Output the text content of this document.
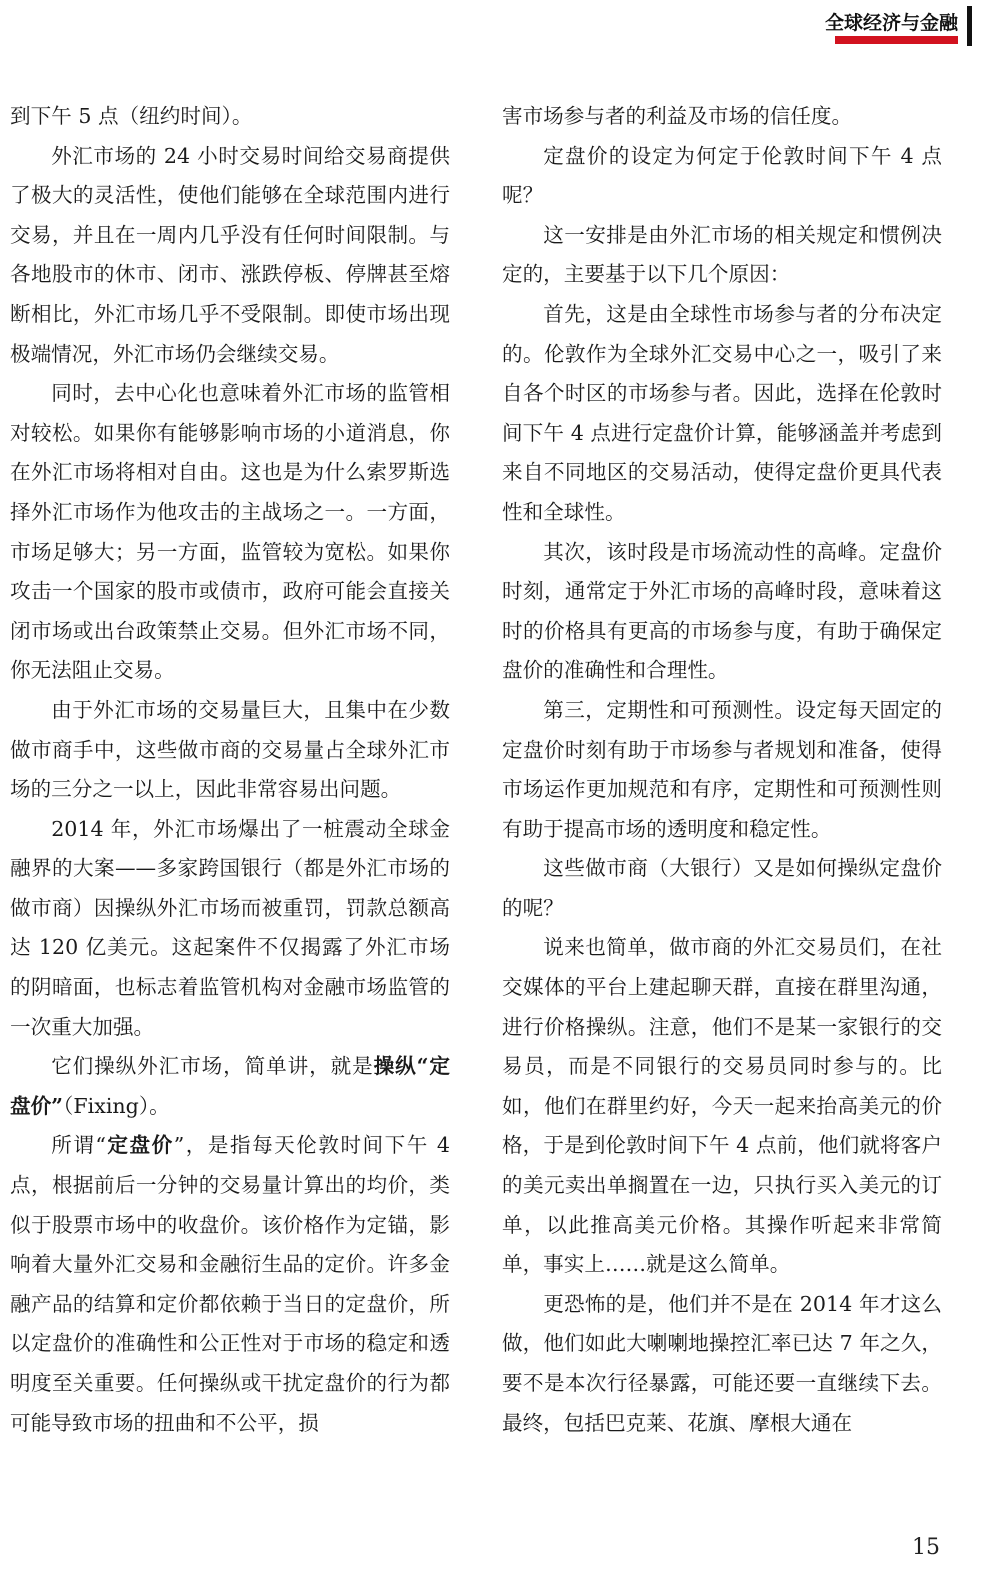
全球经济与金融

到下午 5 点（纽约时间）。

外汇市场的 24 小时交易时间给交易商提供了极大的灵活性，使他们能够在全球范围内进行交易，并且在一周内几乎没有任何时间限制。与各地股市的休市、闭市、涨跌停板、停牌甚至熔断相比，外汇市场几乎不受限制。即使市场出现极端情况，外汇市场仍会继续交易。

同时，去中心化也意味着外汇市场的监管相对较松。如果你有能够影响市场的小道消息，你在外汇市场将相对自由。这也是为什么索罗斯选择外汇市场作为他攻击的主战场之一。一方面，市场足够大；另一方面，监管较为宽松。如果你攻击一个国家的股市或债市，政府可能会直接关闭市场或出台政策禁止交易。但外汇市场不同，你无法阻止交易。

由于外汇市场的交易量巨大，且集中在少数做市商手中，这些做市商的交易量占全球外汇市场的三分之一以上，因此非常容易出问题。

2014 年，外汇市场爆出了一桩震动全球金融界的大案——多家跨国银行（都是外汇市场的做市商）因操纵外汇市场而被重罚，罚款总额高达 120 亿美元。这起案件不仅揭露了外汇市场的阴暗面，也标志着监管机构对金融市场监管的一次重大加强。

它们操纵外汇市场，简单讲，就是操纵“定盘价”（Fixing）。

所谓“定盘价”，是指每天伦敦时间下午 4 点，根据前后一分钟的交易量计算出的均价，类似于股票市场中的收盘价。该价格作为定锚，影响着大量外汇交易和金融衍生品的定价。许多金融产品的结算和定价都依赖于当日的定盘价，所以定盘价的准确性和公正性对于市场的稳定和透明度至关重要。任何操纵或干扰定盘价的行为都可能导致市场的扭曲和不公平，损

害市场参与者的利益及市场的信任度。

定盘价的设定为何定于伦敦时间下午 4 点呢？

这一安排是由外汇市场的相关规定和惯例决定的，主要基于以下几个原因：

首先，这是由全球性市场参与者的分布决定的。伦敦作为全球外汇交易中心之一，吸引了来自各个时区的市场参与者。因此，选择在伦敦时间下午 4 点进行定盘价计算，能够涵盖并考虑到来自不同地区的交易活动，使得定盘价更具代表性和全球性。

其次，该时段是市场流动性的高峰。定盘价时刻，通常定于外汇市场的高峰时段，意味着这时的价格具有更高的市场参与度，有助于确保定盘价的准确性和合理性。

第三，定期性和可预测性。设定每天固定的定盘价时刻有助于市场参与者规划和准备，使得市场运作更加规范和有序，定期性和可预测性则有助于提高市场的透明度和稳定性。

这些做市商（大银行）又是如何操纵定盘价的呢？

说来也简单，做市商的外汇交易员们，在社交媒体的平台上建起聊天群，直接在群里沟通，进行价格操纵。注意，他们不是某一家银行的交易员，而是不同银行的交易员同时参与的。比如，他们在群里约好，今天一起来抬高美元的价格，于是到伦敦时间下午 4 点前，他们就将客户的美元卖出单搁置在一边，只执行买入美元的订单，以此推高美元价格。其操作听起来非常简单，事实上……就是这么简单。

更恐怖的是，他们并不是在 2014 年才这么做，他们如此大喇喇地操控汇率已达 7 年之久，要不是本次行径暴露，可能还要一直继续下去。最终，包括巴克莱、花旗、摩根大通在

15
